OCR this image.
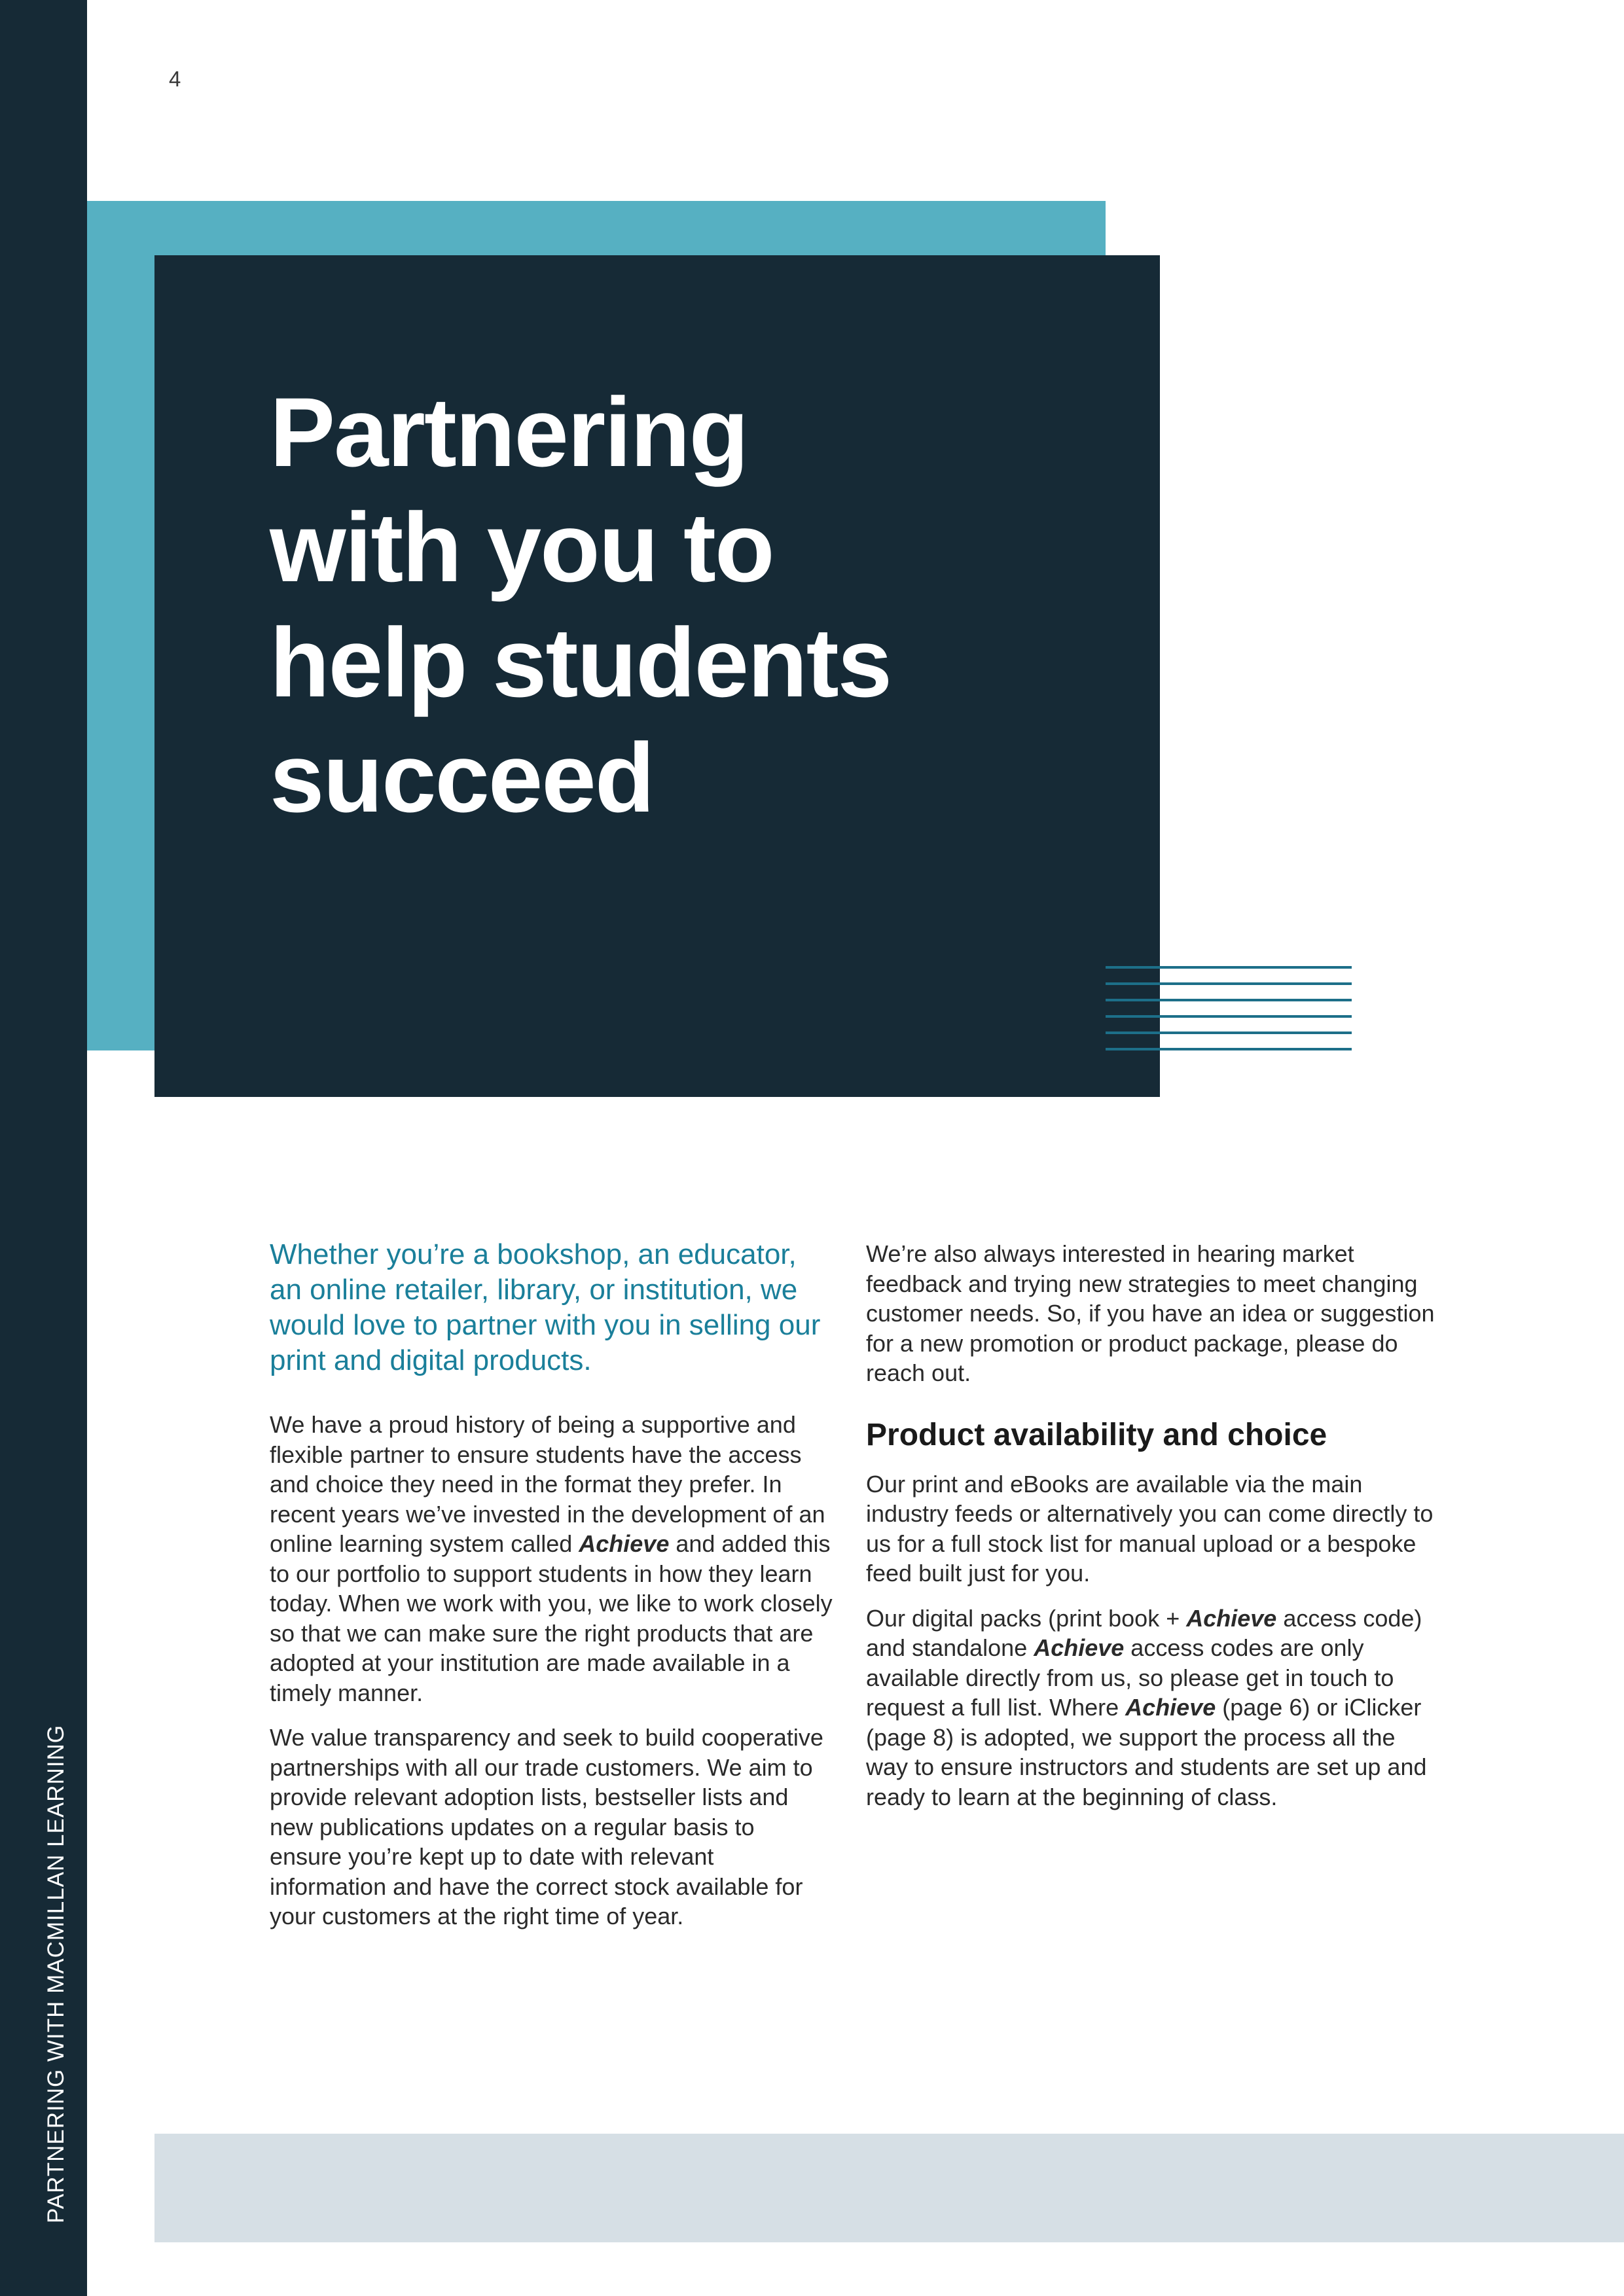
PARTNERING WITH MACMILLAN LEARNING
4
Partnering
with you to
help students
succeed

Whether you’re a bookshop, an educator, an online retailer, library, or institution, we would love to partner with you in selling our print and digital products.

We have a proud history of being a supportive and flexible partner to ensure students have the access and choice they need in the format they prefer. In recent years we’ve invested in the development of an online learning system called Achieve and added this to our portfolio to support students in how they learn today. When we work with you, we like to work closely so that we can make sure the right products that are adopted at your institution are made available in a timely manner.

We value transparency and seek to build cooperative partnerships with all our trade customers. We aim to provide relevant adoption lists, bestseller lists and new publications updates on a regular basis to ensure you’re kept up to date with relevant information and have the correct stock available for your customers at the right time of year.

We’re also always interested in hearing market feedback and trying new strategies to meet changing customer needs. So, if you have an idea or suggestion for a new promotion or product package, please do reach out.

Product availability and choice

Our print and eBooks are available via the main industry feeds or alternatively you can come directly to us for a full stock list for manual upload or a bespoke feed built just for you.

Our digital packs (print book + Achieve access code) and standalone Achieve access codes are only available directly from us, so please get in touch to request a full list. Where Achieve (page 6) or iClicker (page 8) is adopted, we support the process all the way to ensure instructors and students are set up and ready to learn at the beginning of class.
